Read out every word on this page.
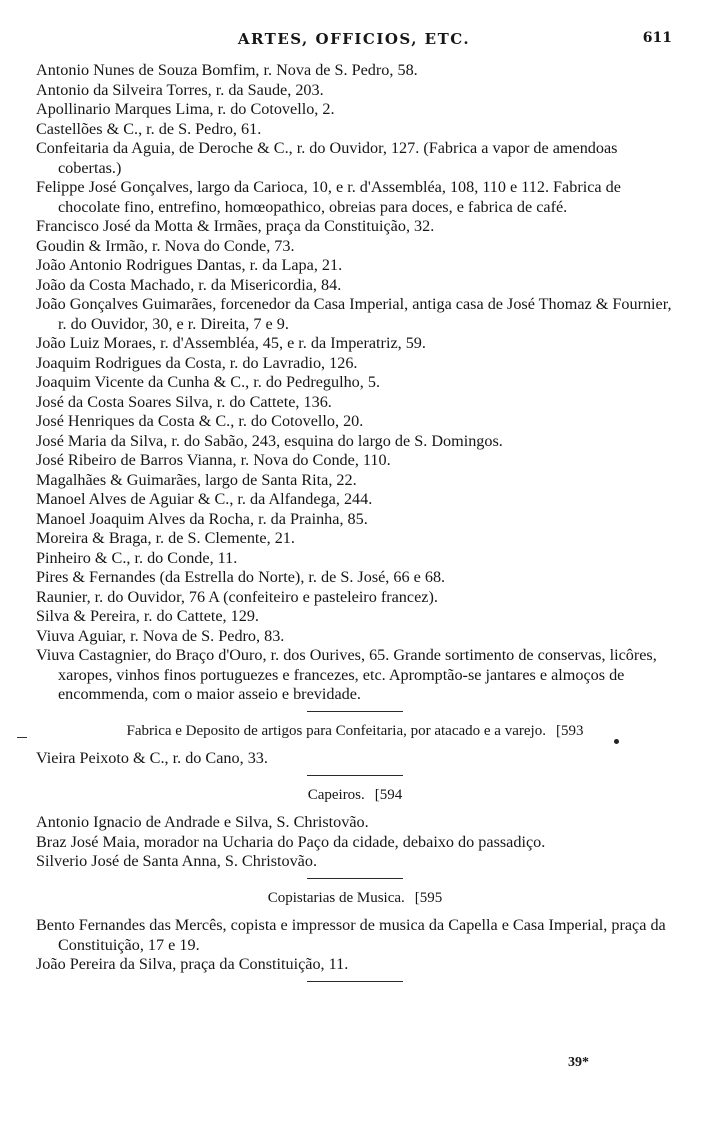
ARTES, OFFICIOS, ETC.	611
Antonio Nunes de Souza Bomfim, r. Nova de S. Pedro, 58.
Antonio da Silveira Torres, r. da Saude, 203.
Apollinario Marques Lima, r. do Cotovello, 2.
Castellões & C., r. de S. Pedro, 61.
Confeitaria da Aguia, de Deroche & C., r. do Ouvidor, 127. (Fabrica a vapor de amendoas cobertas.)
Felippe José Gonçalves, largo da Carioca, 10, e r. d'Assembléa, 108, 110 e 112. Fabrica de chocolate fino, entrefino, homœopathico, obreias para doces, e fabrica de café.
Francisco José da Motta & Irmães, praça da Constituição, 32.
Goudin & Irmão, r. Nova do Conde, 73.
João Antonio Rodrigues Dantas, r. da Lapa, 21.
João da Costa Machado, r. da Misericordia, 84.
João Gonçalves Guimarães, forcenedor da Casa Imperial, antiga casa de José Thomaz & Fournier, r. do Ouvidor, 30, e r. Direita, 7 e 9.
João Luiz Moraes, r. d'Assembléa, 45, e r. da Imperatriz, 59.
Joaquim Rodrigues da Costa, r. do Lavradio, 126.
Joaquim Vicente da Cunha & C., r. do Pedregulho, 5.
José da Costa Soares Silva, r. do Cattete, 136.
José Henriques da Costa & C., r. do Cotovello, 20.
José Maria da Silva, r. do Sabão, 243, esquina do largo de S. Domingos.
José Ribeiro de Barros Vianna, r. Nova do Conde, 110.
Magalhães & Guimarães, largo de Santa Rita, 22.
Manoel Alves de Aguiar & C., r. da Alfandega, 244.
Manoel Joaquim Alves da Rocha, r. da Prainha, 85.
Moreira & Braga, r. de S. Clemente, 21.
Pinheiro & C., r. do Conde, 11.
Pires & Fernandes (da Estrella do Norte), r. de S. José, 66 e 68.
Raunier, r. do Ouvidor, 76 A (confeiteiro e pasteleiro francez).
Silva & Pereira, r. do Cattete, 129.
Viuva Aguiar, r. Nova de S. Pedro, 83.
Viuva Castagnier, do Braço d'Ouro, r. dos Ourives, 65. Grande sortimento de conservas, licôres, xaropes, vinhos finos portuguezes e francezes, etc. Apromptão-se jantares e almoços de encommenda, com o maior asseio e brevidade.
Fabrica e Deposito de artigos para Confeitaria, por atacado e a varejo. [593
Vieira Peixoto & C., r. do Cano, 33.
Capeiros. [594
Antonio Ignacio de Andrade e Silva, S. Christovão.
Braz José Maia, morador na Ucharia do Paço da cidade, debaixo do passadiço.
Silverio José de Santa Anna, S. Christovão.
Copistarias de Musica. [595
Bento Fernandes das Mercês, copista e impressor de musica da Capella e Casa Imperial, praça da Constituição, 17 e 19.
João Pereira da Silva, praça da Constituição, 11.
39*
